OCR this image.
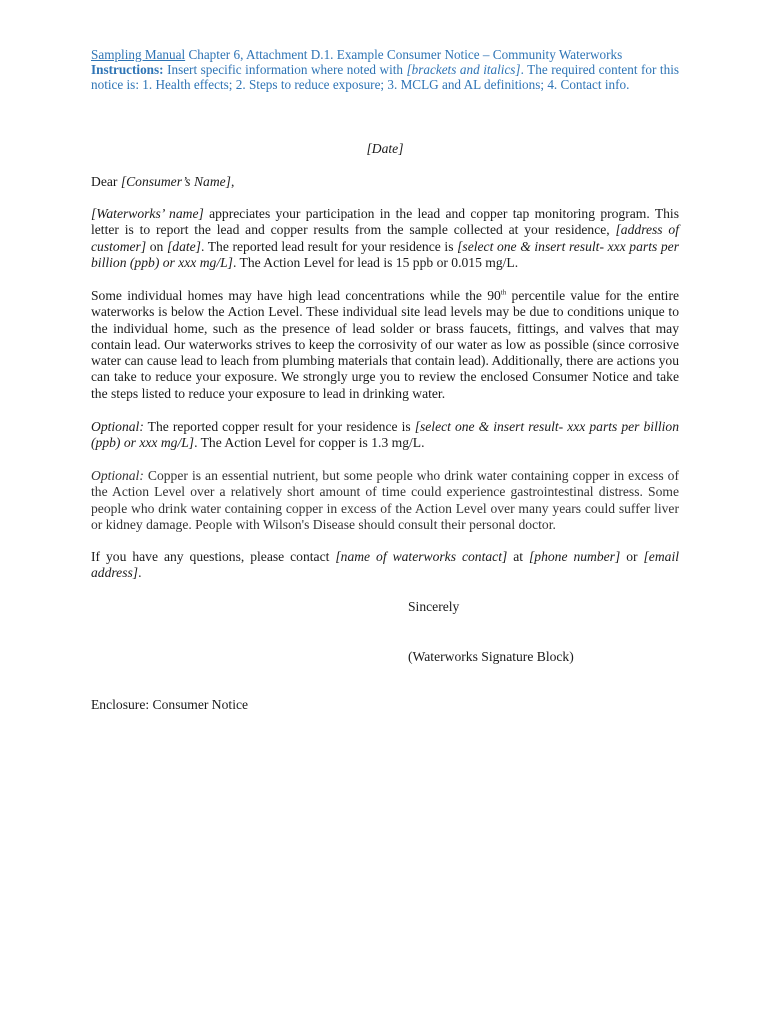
Sampling Manual Chapter 6, Attachment D.1. Example Consumer Notice – Community Waterworks
Instructions: Insert specific information where noted with [brackets and italics]. The required content for this notice is: 1. Health effects; 2. Steps to reduce exposure; 3. MCLG and AL definitions; 4. Contact info.

[Date]

Dear [Consumer’s Name],

[Waterworks’ name] appreciates your participation in the lead and copper tap monitoring program. This letter is to report the lead and copper results from the sample collected at your residence, [address of customer] on [date]. The reported lead result for your residence is [select one & insert result- xxx parts per billion (ppb) or xxx mg/L]. The Action Level for lead is 15 ppb or 0.015 mg/L.

Some individual homes may have high lead concentrations while the 90th percentile value for the entire waterworks is below the Action Level. These individual site lead levels may be due to conditions unique to the individual home, such as the presence of lead solder or brass faucets, fittings, and valves that may contain lead. Our waterworks strives to keep the corrosivity of our water as low as possible (since corrosive water can cause lead to leach from plumbing materials that contain lead). Additionally, there are actions you can take to reduce your exposure. We strongly urge you to review the enclosed Consumer Notice and take the steps listed to reduce your exposure to lead in drinking water.

Optional: The reported copper result for your residence is [select one & insert result- xxx parts per billion (ppb) or xxx mg/L]. The Action Level for copper is 1.3 mg/L.

Optional: Copper is an essential nutrient, but some people who drink water containing copper in excess of the Action Level over a relatively short amount of time could experience gastrointestinal distress. Some people who drink water containing copper in excess of the Action Level over many years could suffer liver or kidney damage. People with Wilson's Disease should consult their personal doctor.

If you have any questions, please contact [name of waterworks contact] at [phone number] or [email address].

Sincerely
(Waterworks Signature Block)
Enclosure: Consumer Notice
